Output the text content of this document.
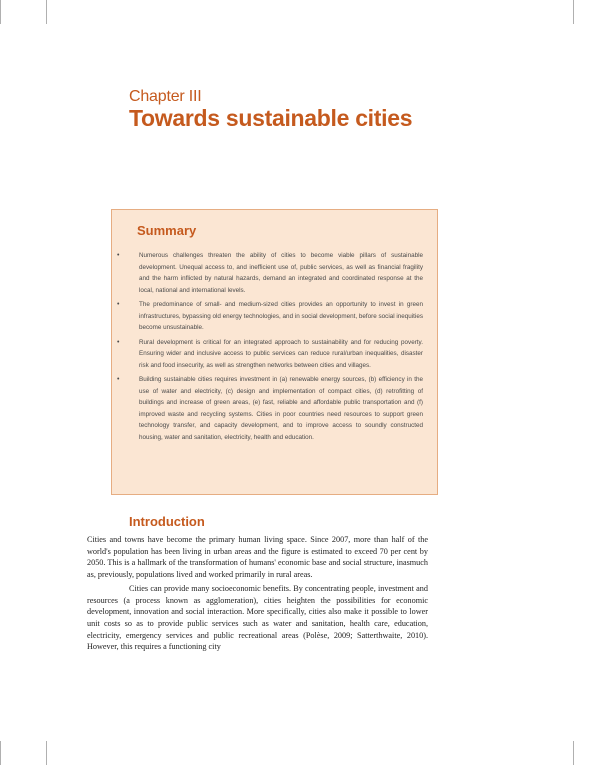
Chapter III
Towards sustainable cities
Summary
•	Numerous challenges threaten the ability of cities to become viable pillars of sustainable development. Unequal access to, and inefficient use of, public services, as well as financial fragility and the harm inflicted by natural hazards, demand an integrated and coordinated response at the local, national and international levels.
•	The predominance of small- and medium-sized cities provides an opportunity to invest in green infrastructures, bypassing old energy technologies, and in social development, before social inequities become unsustainable.
•	Rural development is critical for an integrated approach to sustainability and for reducing poverty. Ensuring wider and inclusive access to public services can reduce rural/urban inequalities, disaster risk and food insecurity, as well as strengthen networks between cities and villages.
•	Building sustainable cities requires investment in (a) renewable energy sources, (b) efficiency in the use of water and electricity, (c) design and implementation of compact cities, (d) retrofitting of buildings and increase of green areas, (e) fast, reliable and affordable public transportation and (f) improved waste and recycling systems. Cities in poor countries need resources to support green technology transfer, and capacity development, and to improve access to soundly constructed housing, water and sanitation, electricity, health and education.
Introduction

Cities and towns have become the primary human living space. Since 2007, more than half of the world's population has been living in urban areas and the figure is estimated to exceed 70 per cent by 2050. This is a hallmark of the transformation of humans' economic base and social structure, inasmuch as, previously, populations lived and worked primarily in rural areas.

Cities can provide many socioeconomic benefits. By concentrating people, investment and resources (a process known as agglomeration), cities heighten the possibilities for economic development, innovation and social interaction. More specifically, cities also make it possible to lower unit costs so as to provide public services such as water and sanitation, health care, education, electricity, emergency services and public recreational areas (Polèse, 2009; Satterthwaite, 2010). However, this requires a functioning city
